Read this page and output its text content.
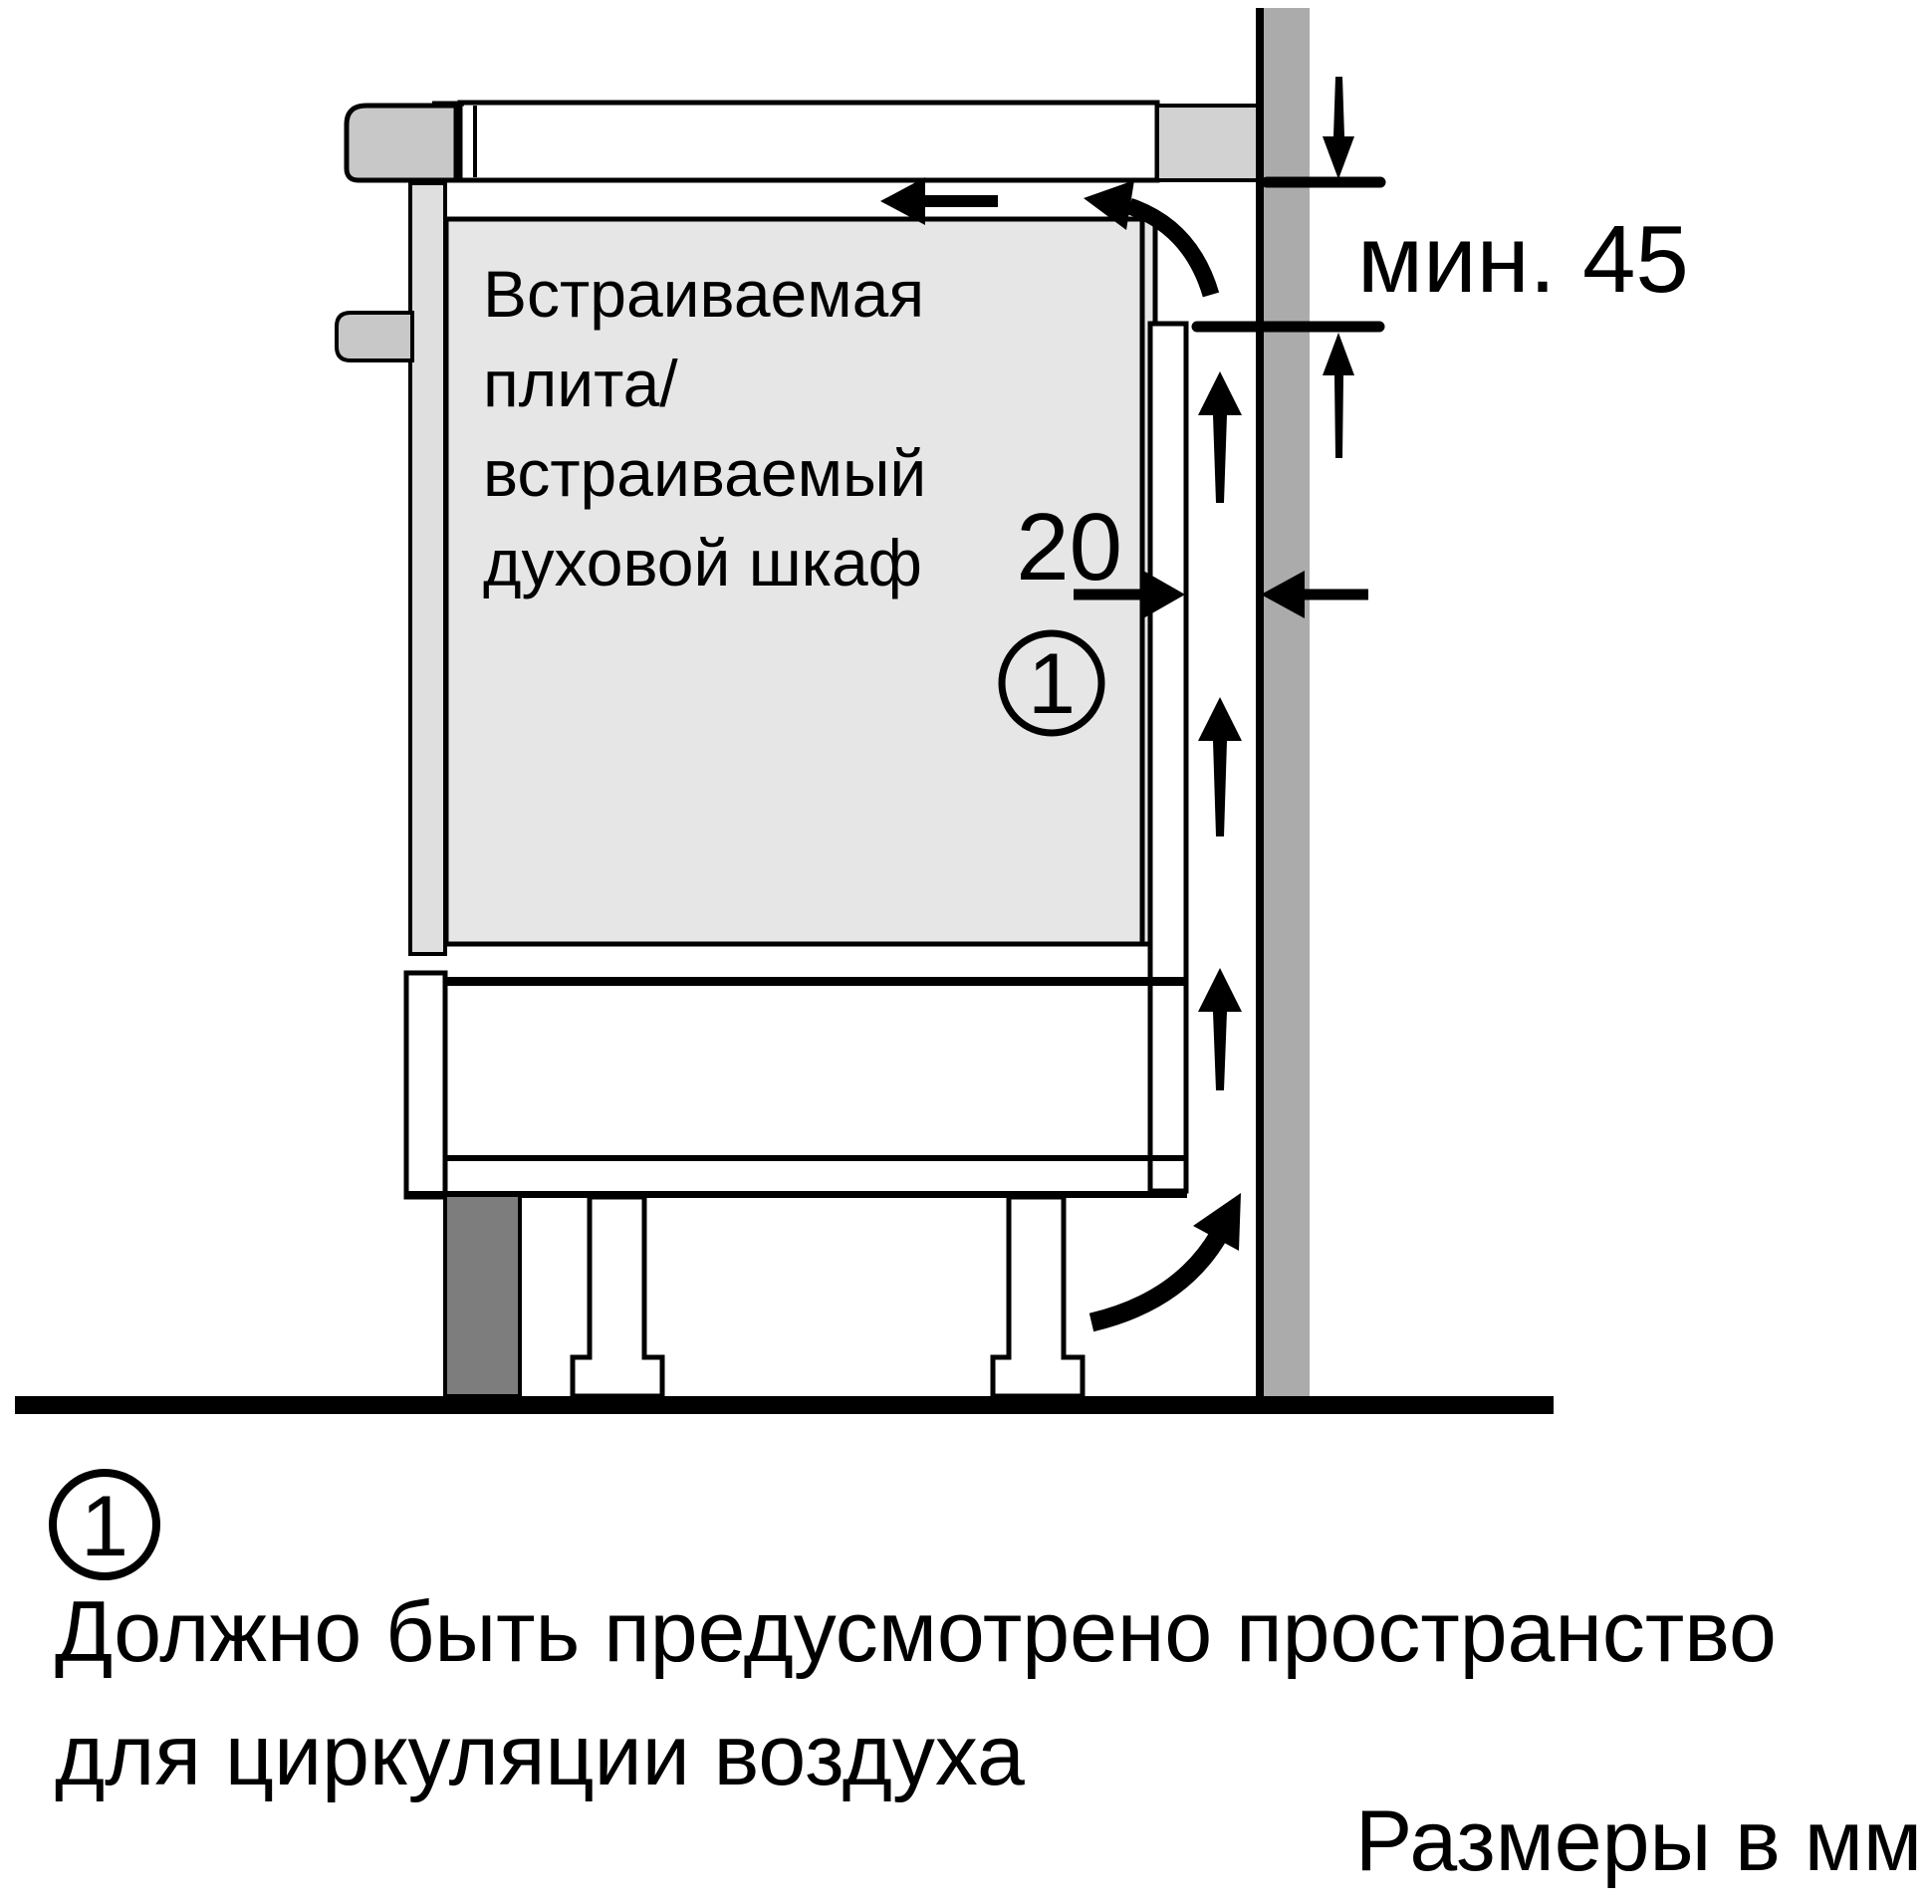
Встраиваемая
плита/
встраиваемый
духовой шкаф
мин. 45
20
1
1
Должно быть предусмотрено пространство
для циркуляции воздуха
Размеры в мм
